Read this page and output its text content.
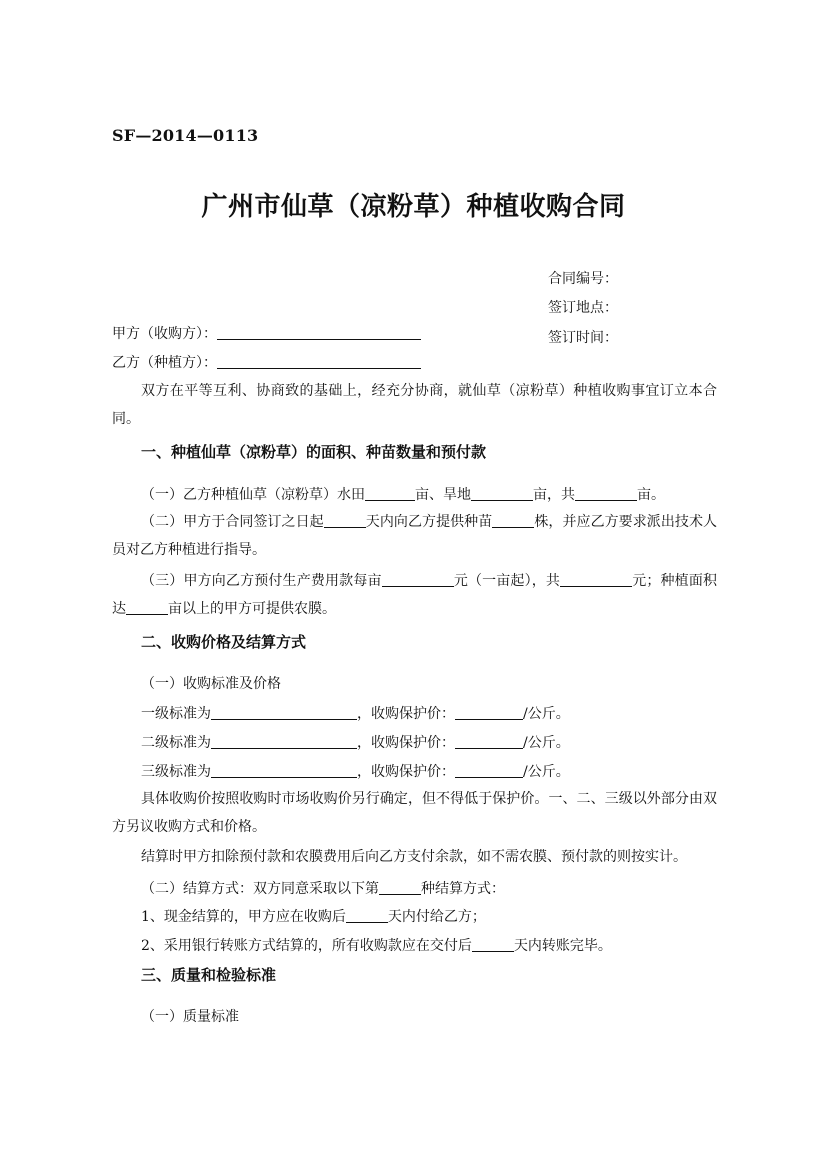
SF—2014—0113
广州市仙草（凉粉草）种植收购合同
合同编号：
签订地点：
签订时间：
甲方（收购方）：
乙方（种植方）：
双方在平等互利、协商致的基础上，经充分协商，就仙草（凉粉草）种植收购事宜订立本合同。
一、种植仙草（凉粉草）的面积、种苗数量和预付款
（一）乙方种植仙草（凉粉草）水田	亩、旱地	亩，共	亩。
（二）甲方于合同签订之日起	天内向乙方提供种苗	株，并应乙方要求派出技术人员对乙方种植进行指导。
（三）甲方向乙方预付生产费用款每亩	元（一亩起），共	元；种植面积达	亩以上的甲方可提供农膜。
二、收购价格及结算方式
（一）收购标准及价格
一级标准为	，收购保护价：	/公斤。
二级标准为	，收购保护价：	/公斤。
三级标准为	，收购保护价：	/公斤。
具体收购价按照收购时市场收购价另行确定，但不得低于保护价。一、二、三级以外部分由双方另议收购方式和价格。
结算时甲方扣除预付款和农膜费用后向乙方支付余款，如不需农膜、预付款的则按实计。
（二）结算方式：双方同意采取以下第	种结算方式：
1、现金结算的，甲方应在收购后	天内付给乙方；
2、采用银行转账方式结算的，所有收购款应在交付后	天内转账完毕。
三、质量和检验标准
（一）质量标准
